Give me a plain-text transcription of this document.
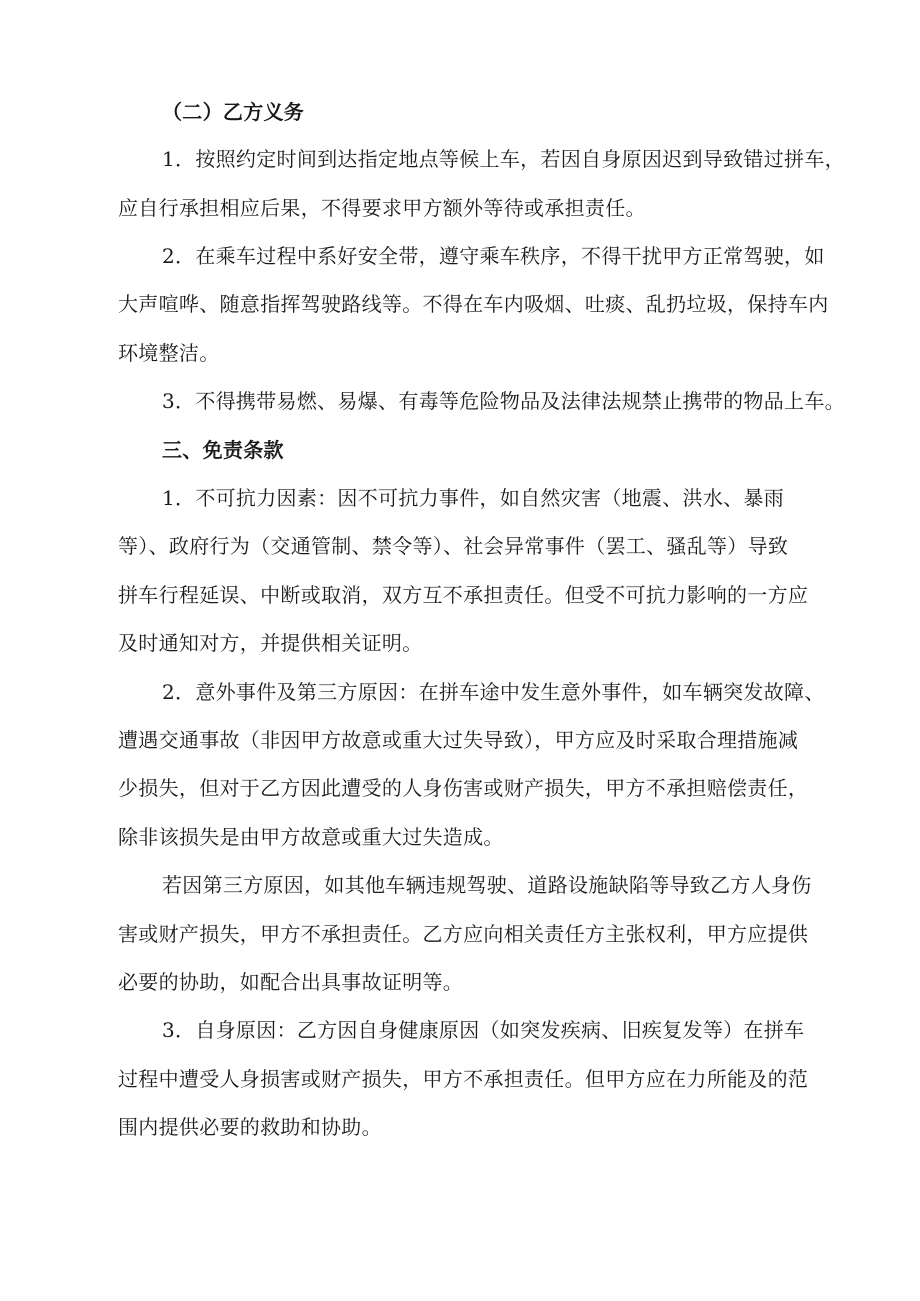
（二）乙方义务
1．按照约定时间到达指定地点等候上车，若因自身原因迟到导致错过拼车，
应自行承担相应后果，不得要求甲方额外等待或承担责任。
2．在乘车过程中系好安全带，遵守乘车秩序，不得干扰甲方正常驾驶，如
大声喧哗、随意指挥驾驶路线等。不得在车内吸烟、吐痰、乱扔垃圾，保持车内
环境整洁。
3．不得携带易燃、易爆、有毒等危险物品及法律法规禁止携带的物品上车。
三、免责条款
1．不可抗力因素：因不可抗力事件，如自然灾害（地震、洪水、暴雨
等）、政府行为（交通管制、禁令等）、社会异常事件（罢工、骚乱等）导致
拼车行程延误、中断或取消，双方互不承担责任。但受不可抗力影响的一方应
及时通知对方，并提供相关证明。
2．意外事件及第三方原因：在拼车途中发生意外事件，如车辆突发故障、
遭遇交通事故（非因甲方故意或重大过失导致），甲方应及时采取合理措施减
少损失，但对于乙方因此遭受的人身伤害或财产损失，甲方不承担赔偿责任，
除非该损失是由甲方故意或重大过失造成。
若因第三方原因，如其他车辆违规驾驶、道路设施缺陷等导致乙方人身伤
害或财产损失，甲方不承担责任。乙方应向相关责任方主张权利，甲方应提供
必要的协助，如配合出具事故证明等。
3．自身原因：乙方因自身健康原因（如突发疾病、旧疾复发等）在拼车
过程中遭受人身损害或财产损失，甲方不承担责任。但甲方应在力所能及的范
围内提供必要的救助和协助。
